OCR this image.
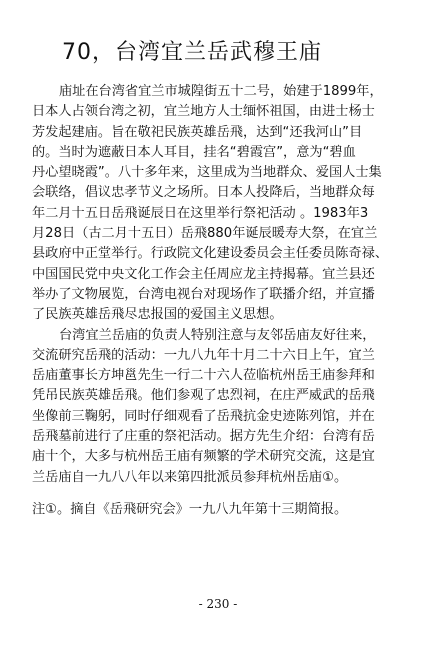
70，台湾宜兰岳武穆王庙
庙址在台湾省宜兰市城隍街五十二号，始建于1899年，
日本人占领台湾之初，宜兰地方人士缅怀祖国，由进士杨士
芳发起建庙。旨在敬祀民族英雄岳飛，达到“还我河山”目
的。当时为遮蔽日本人耳目，挂名“碧霞宫”，意为“碧血
丹心望晓霞”。八十多年来，这里成为当地群众、爱国人士集
会联络，倡议忠孝节义之场所。日本人投降后，当地群众每
年二月十五日岳飛诞辰日在这里举行祭祀活动 。1983年3
月28日（古二月十五日）岳飛880年诞辰暖寿大祭，在宜兰
县政府中正堂举行。行政院文化建设委员会主任委员陈奇禄、
中国国民党中央文化工作会主任周应龙主持揭幕。宜兰县还
举办了文物展览，台湾电视台对现场作了联播介绍，并宣播
了民族英雄岳飛尽忠报国的爱国主义思想。
台湾宜兰岳庙的负责人特别注意与友邻岳庙友好往来，
交流研究岳飛的活动：一九八九年十月二十六日上午，宜兰
岳庙董事长方坤邕先生一行二十六人莅临杭州岳王庙参拜和
凭吊民族英雄岳飛。他们参观了忠烈祠，在庄严威武的岳飛
坐像前三鞠躬，同时仔细观看了岳飛抗金史迹陈列馆，并在
岳飛墓前进行了庄重的祭祀活动。据方先生介绍：台湾有岳
庙十个，大多与杭州岳王庙有频繁的学术研究交流，这是宜
兰岳庙自一九八八年以来第四批派员参拜杭州岳庙①。
注①。摘自《岳飛研究会》一九八九年第十三期简报。
- 230 -
